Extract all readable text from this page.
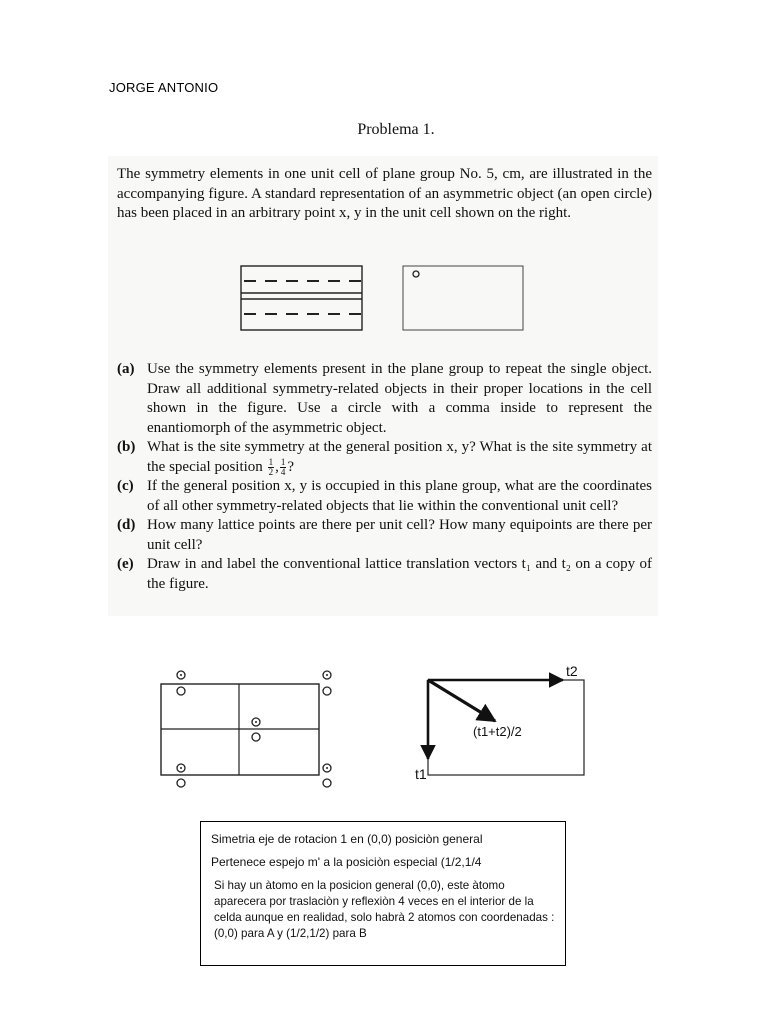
JORGE ANTONIO
Problema 1.
The symmetry elements in one unit cell of plane group No. 5, cm, are illustrated in the accompanying figure. A standard representation of an asymmetric object (an open circle) has been placed in an arbitrary point x, y in the unit cell shown on the right.
(a) Use the symmetry elements present in the plane group to repeat the single object. Draw all additional symmetry-related objects in their proper locations in the cell shown in the figure. Use a circle with a comma inside to represent the enantiomorph of the asymmetric object.
(b) What is the site symmetry at the general position x, y? What is the site symmetry at the special position $\frac{1}{2}$ , $\frac{1}{4}$ ?
(c) If the general position x, y is occupied in this plane group, what are the coordinates of all other symmetry-related objects that lie within the conventional unit cell?
(d) How many lattice points are there per unit cell? How many equipoints are there per unit cell?
(e) Draw in and label the conventional lattice translation vectors t₁ and t₂ on a copy of the figure.
t2
t1
(t1+t2)/2

Simetria eje de rotacion 1 en (0,0) posiciòn general

Pertenece espejo m' a la posiciòn especial (1/2,1/4

Si hay un àtomo en la posicion general (0,0), este àtomo aparecera por traslaciòn y reflexiòn 4 veces en el interior de la celda aunque en realidad, solo habrà 2 atomos con coordenadas : (0,0) para A y (1/2,1/2) para B
